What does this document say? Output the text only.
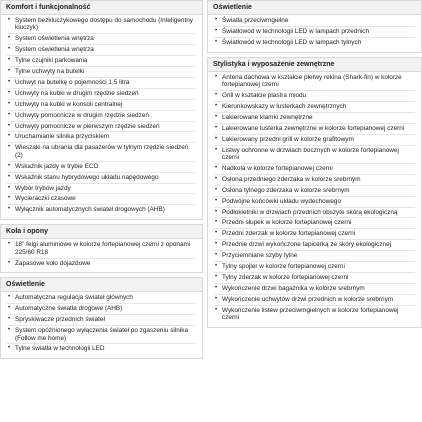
Komfort i funkcjonalność
• System bezkluczykowego dostępu do samochodu (Inteligentny kluczyk)
• System oświetlenia wnętrza
• System oświetlenia wnętrza
• Tylne czujniki parkowania
• Tylne uchwyty na butelki
• Uchwyt na butelkę o pojemności 1,5 litra
• Uchwyty na kubki w drugim rzędzie siedzeń
• Uchwyty na kubki w konsoli centralnej
• Uchwyty pomocnicze w drugim rzędzie siedzeń
• Uchwyty pomocnicze w pierwszym rzędzie siedzeń
• Uruchamianie silnika przyciskiem
• Wieszaki na ubrania dla pasażerów w tylnym rzędzie siedzeń (2)
• Wskaźnik jazdy w trybie ECO
• Wskaźnik stanu hybrydowego układu napędowego
• Wybór trybów jazdy
• Wycieraczki czasowe
• Wyłącznik automatycznych świateł drogowych (AHB)
Koła i opony
• 18" felgi aluminiowe w kolorze fortepianowej czerni z oponami 225/60 R18
• Zapasowe koło dojazdowe
Oświetlenie
• Automatyczna regulacja świateł głównych
• Automatyczne światła drogowe (AHB)
• Spryskiwacze przednich świateł
• System opóźnionego wyłączenia świateł po zgaszeniu silnika (Follow me home)
• Tylne światła w technologii LED
Oświetlenie
• Światła przeciwmgielne
• Światłowód w technologii LED w lampach przednich
• Światłowód w technologii LED w lampach tylnych
Stylistyka i wyposażenie zewnętrzne
• Antena dachowa w kształcie płetwy rekina (Shark-fin) w kolorze fortepianowej czerni
• Grill w kształcie plastra miodu
• Kierunkowskazy w lusterkach zewnętrznych
• Lakierowane klamki zewnętrzne
• Lakierowane lusterka zewnętrzne w kolorze fortepianowej czerni
• Lakierowany przedni grill w kolorze grafitowym
• Listwy ochronne w drzwiach bocznych w kolorze fortepianowej czerni
• Nadkola w kolorze fortepianowej czerni
• Osłona przedniego zderzaka w kolorze srebrnym
• Osłona tylnego zderzaka w kolorze srebrnym
• Podwójne końcówki układu wydechowego
• Podłokietniki w drzwiach przednich obszyte skórą ekologiczną
• Przedni słupek w kolorze fortepianowej czerni
• Przedni zderzak w kolorze fortepianowej czerni
• Przednie drzwi wykończone tapicerką ze skóry ekologicznej
• Przyciemniane szyby tylne
• Tylny spojler w kolorze fortepianowej czerni
• Tylny zderzak w kolorze fortepianowej czerni
• Wykończenie drzwi bagażnika w kolorze srebrnym
• Wykończenie uchwytów drzwi przednich w kolorze srebrnym
• Wykończenie listew przeciwmgielnych w kolorze fortepianowej czerni
